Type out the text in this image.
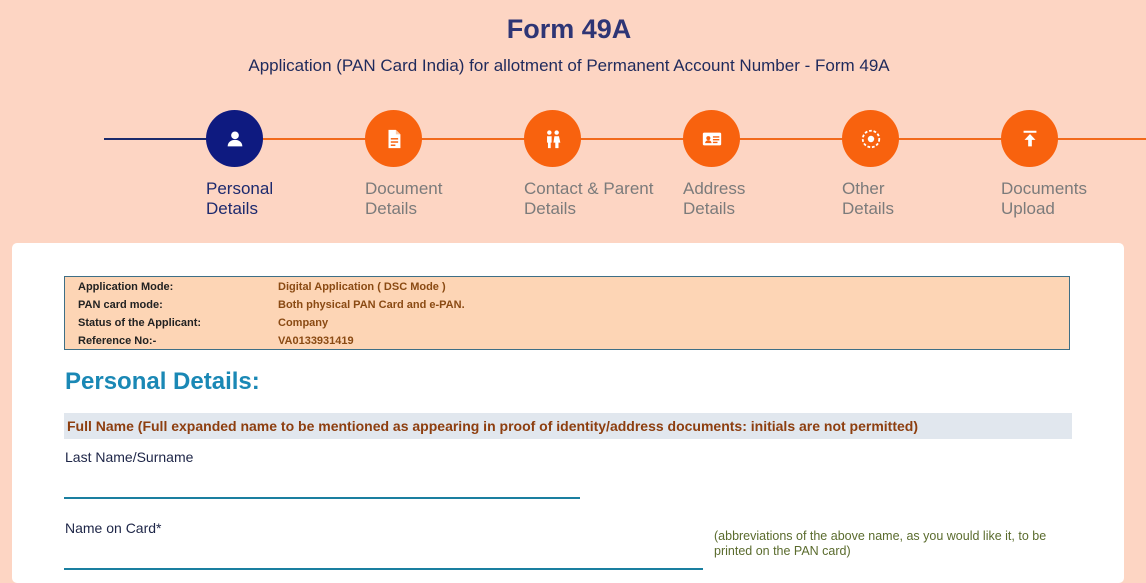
Form 49A
Application (PAN Card India) for allotment of Permanent Account Number - Form 49A
Personal
Details
Document
Details
Contact & Parent
Details
Address
Details
Other
Details
Documents
Upload
Application Mode:	Digital Application ( DSC Mode )
PAN card mode:	Both physical PAN Card and e-PAN.
Status of the Applicant:	Company
Reference No:-	VA0133931419
Personal Details:
Full Name (Full expanded name to be mentioned as appearing in proof of identity/address documents: initials are not permitted)
Last Name/Surname
Name on Card*	(abbreviations of the above name, as you would like it, to be printed on the PAN card)
